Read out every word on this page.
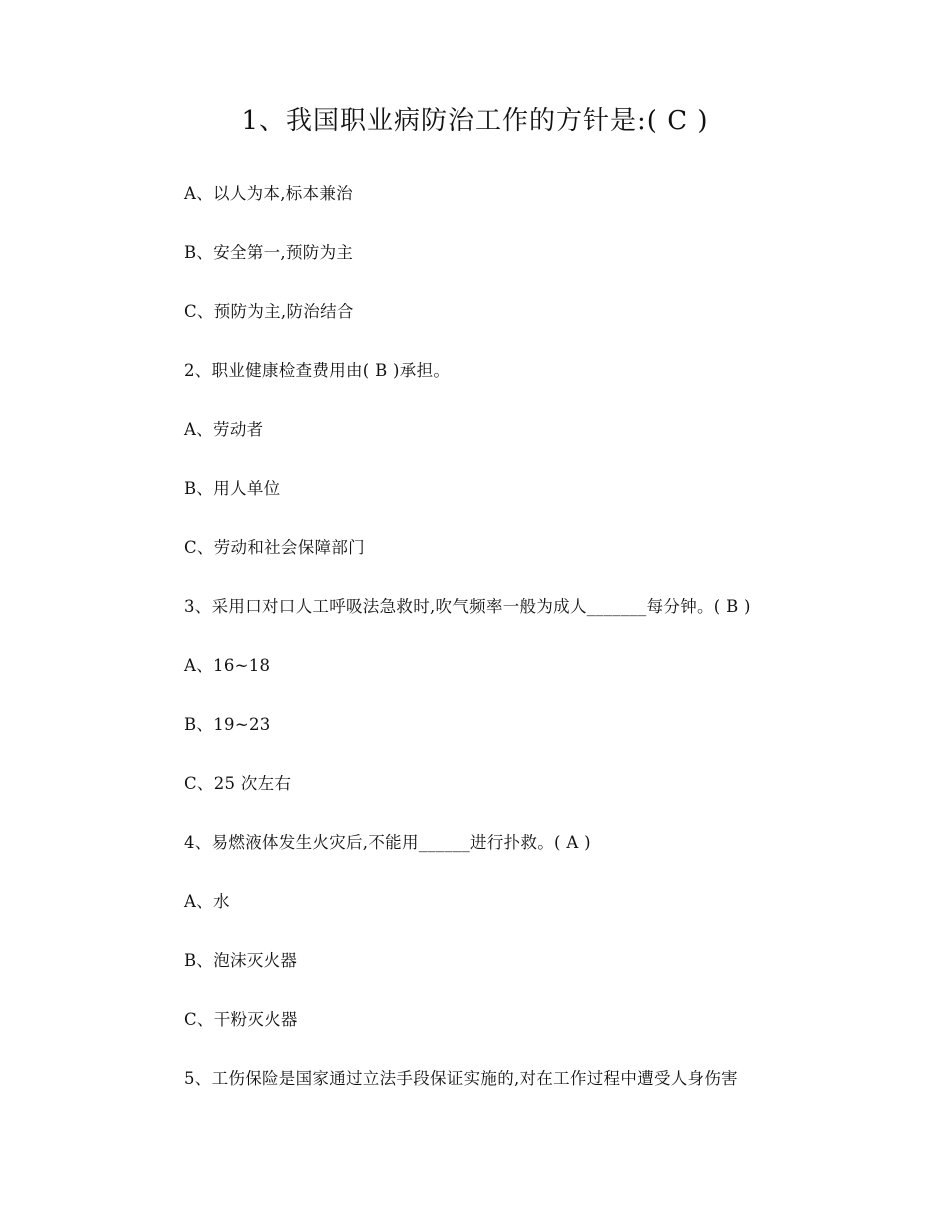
1、我国职业病防治工作的方针是:( C )
A、以人为本,标本兼治
B、安全第一,预防为主
C、预防为主,防治结合
2、职业健康检查费用由( B )承担。
A、劳动者
B、用人单位
C、劳动和社会保障部门
3、采用口对口人工呼吸法急救时,吹气频率一般为成人_______每分钟。( B )
A、16~18
B、19~23
C、25 次左右
4、易燃液体发生火灾后,不能用______进行扑救。( A )
A、水
B、泡沫灭火器
C、干粉灭火器
5、工伤保险是国家通过立法手段保证实施的,对在工作过程中遭受人身伤害
